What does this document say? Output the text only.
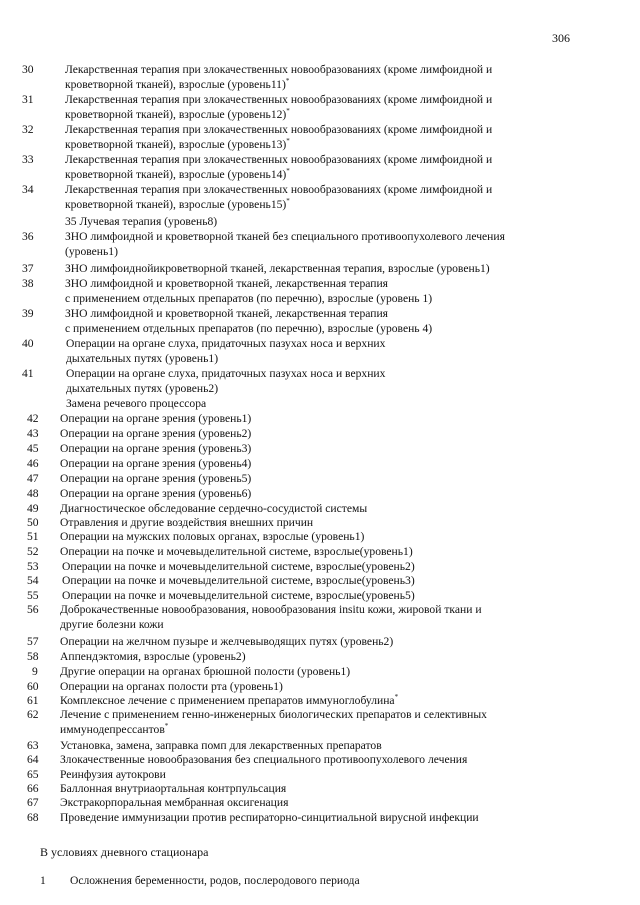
306
30	Лекарственная терапия при злокачественных новообразованиях (кроме лимфоидной и
кроветворной тканей), взрослые (уровень11)*
31	Лекарственная терапия при злокачественных новообразованиях (кроме лимфоидной и
кроветворной тканей), взрослые (уровень12)*
32	Лекарственная терапия при злокачественных новообразованиях (кроме лимфоидной и
кроветворной тканей), взрослые (уровень13)*
33	Лекарственная терапия при злокачественных новообразованиях (кроме лимфоидной и
кроветворной тканей), взрослые (уровень14)*
34	Лекарственная терапия при злокачественных новообразованиях (кроме лимфоидной и
кроветворной тканей), взрослые (уровень15)*
35 Лучевая терапия (уровень8)
36	ЗНО лимфоидной и кроветворной тканей без специального противоопухолевого лечения
(уровень1)
37	ЗНО лимфоиднойикроветворной тканей, лекарственная терапия, взрослые (уровень1)
38	ЗНО лимфоидной и кроветворной тканей, лекарственная терапия
с применением отдельных препаратов (по перечню), взрослые (уровень 1)
39	ЗНО лимфоидной и кроветворной тканей, лекарственная терапия
с применением отдельных препаратов (по перечню), взрослые (уровень 4)
40	Операции на органе слуха, придаточных пазухах носа и верхних
дыхательных путях (уровень1)
41	Операции на органе слуха, придаточных пазухах носа и верхних
дыхательных путях (уровень2)
Замена речевого процессора
42	Операции на органе зрения (уровень1)
43	Операции на органе зрения (уровень2)
45	Операции на органе зрения (уровень3)
46	Операции на органе зрения (уровень4)
47	Операции на органе зрения (уровень5)
48	Операции на органе зрения (уровень6)
49	Диагностическое обследование сердечно-сосудистой системы
50	Отравления и другие воздействия внешних причин
51	Операции на мужских половых органах, взрослые (уровень1)
52	Операции на почке и мочевыделительной системе, взрослые(уровень1)
53	Операции на почке и мочевыделительной системе, взрослые(уровень2)
54	Операции на почке и мочевыделительной системе, взрослые(уровень3)
55	Операции на почке и мочевыделительной системе, взрослые(уровень5)
56	Доброкачественные новообразования, новообразования insitu кожи, жировой ткани и
другие болезни кожи
57	Операции на желчном пузыре и желчевыводящих путях (уровень2)
58	Аппендэктомия, взрослые (уровень2)
9	Другие операции на органах брюшной полости (уровень1)
60	Операции на органах полости рта (уровень1)
61	Комплексное лечение с применением препаратов иммуноглобулина*
62	Лечение с применением генно-инженерных биологических препаратов и селективных
иммунодепрессантов*
63	Установка, замена, заправка помп для лекарственных препаратов
64	Злокачественные новообразования без специального противоопухолевого лечения
65	Реинфузия аутокрови
66	Баллонная внутриаортальная контрпульсация
67	Экстракорпоральная мембранная оксигенация
68	Проведение иммунизации против респираторно-синцитиальной вирусной инфекции
В условиях дневного стационара
1	Осложнения беременности, родов, послеродового периода
